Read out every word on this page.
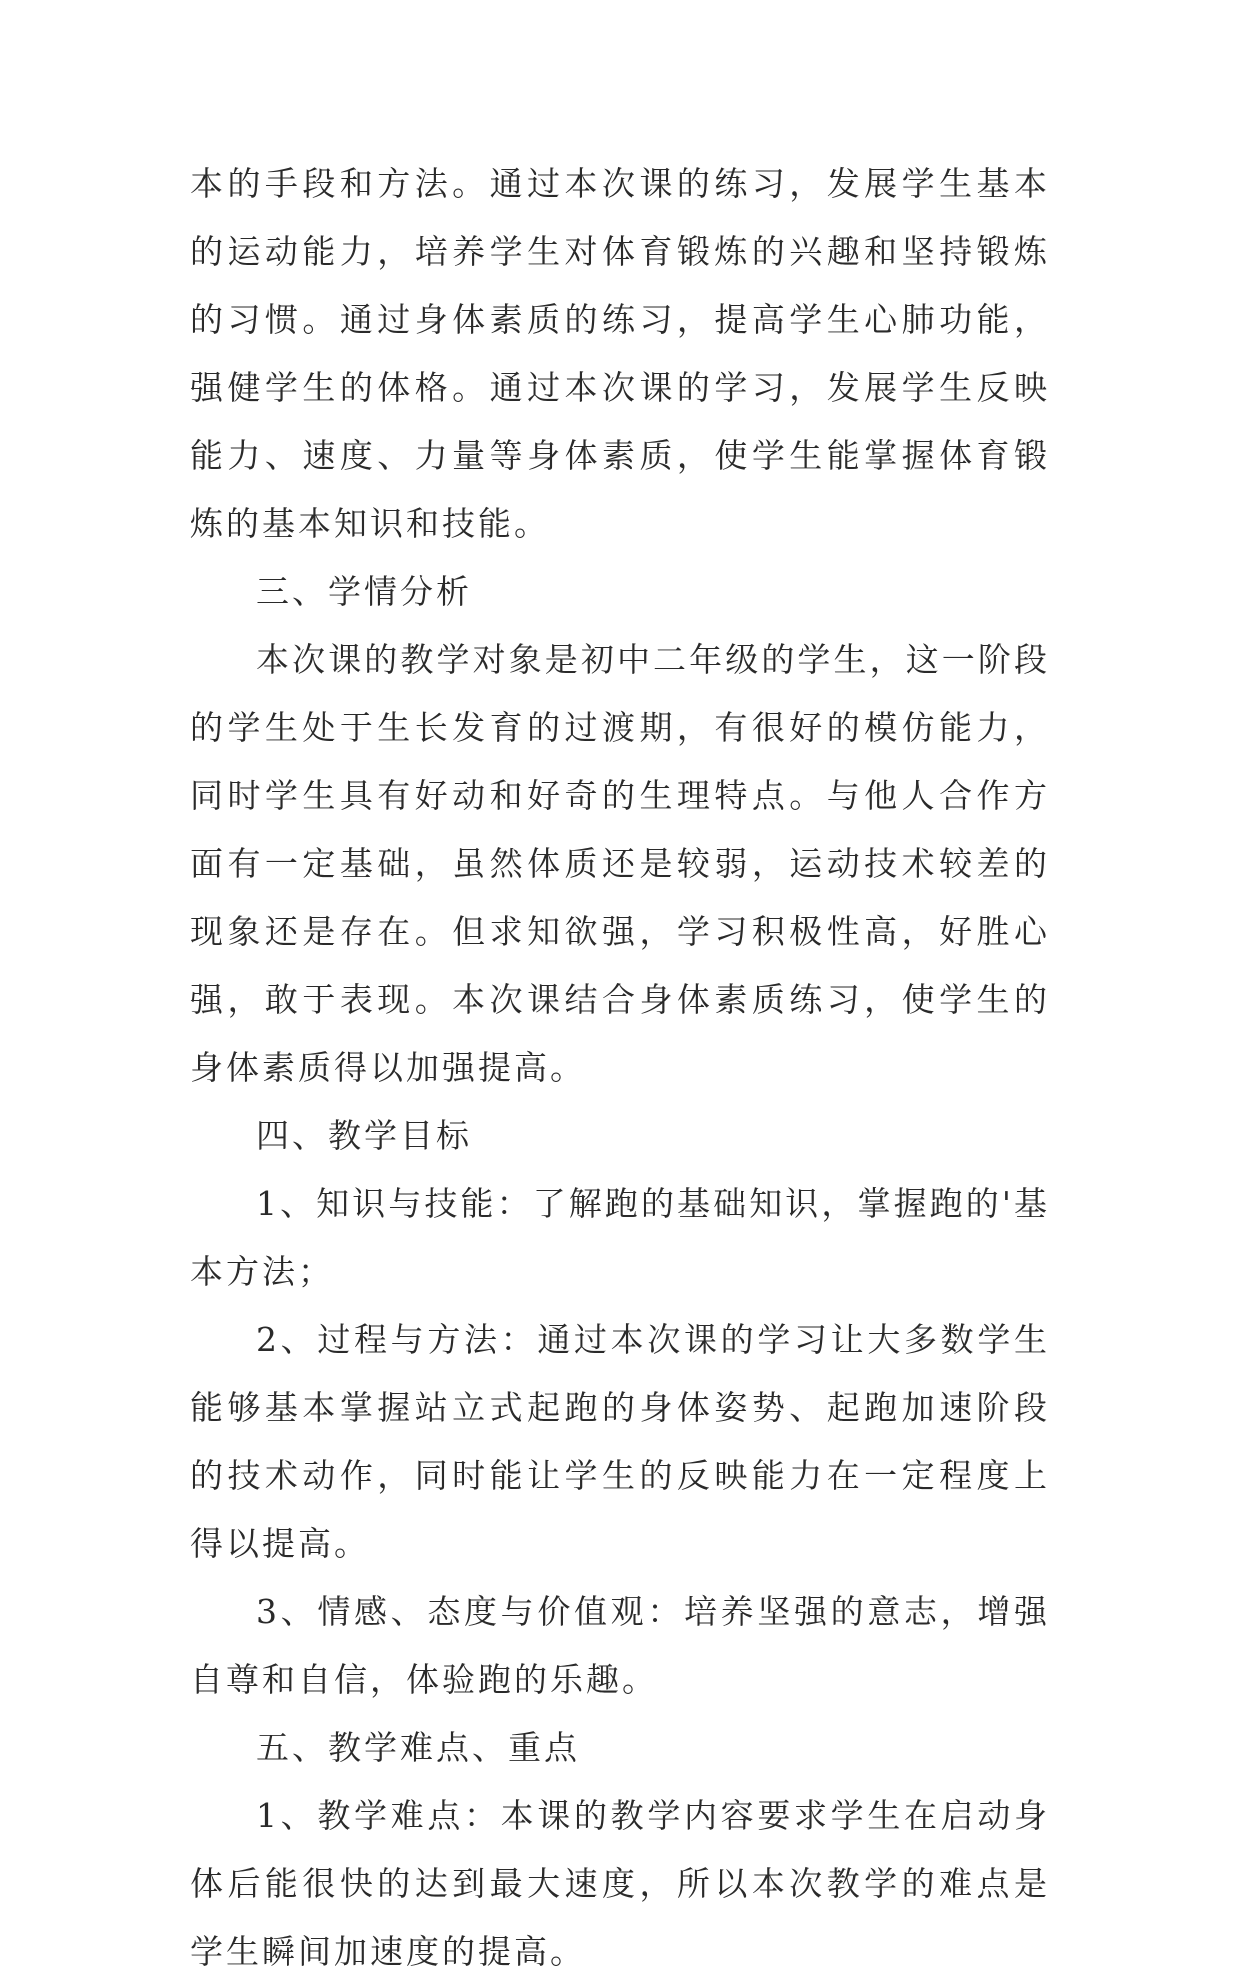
本的手段和方法。通过本次课的练习，发展学生基本的运动能力，培养学生对体育锻炼的兴趣和坚持锻炼的习惯。通过身体素质的练习，提高学生心肺功能，强健学生的体格。通过本次课的学习，发展学生反映能力、速度、力量等身体素质，使学生能掌握体育锻炼的基本知识和技能。

三、学情分析

本次课的教学对象是初中二年级的学生，这一阶段的学生处于生长发育的过渡期，有很好的模仿能力，同时学生具有好动和好奇的生理特点。与他人合作方面有一定基础，虽然体质还是较弱，运动技术较差的现象还是存在。但求知欲强，学习积极性高，好胜心强，敢于表现。本次课结合身体素质练习，使学生的身体素质得以加强提高。

四、教学目标

1、知识与技能：了解跑的基础知识，掌握跑的'基本方法；

2、过程与方法：通过本次课的学习让大多数学生能够基本掌握站立式起跑的身体姿势、起跑加速阶段的技术动作，同时能让学生的反映能力在一定程度上得以提高。

3、情感、态度与价值观：培养坚强的意志，增强自尊和自信，体验跑的乐趣。

五、教学难点、重点

1、教学难点：本课的教学内容要求学生在启动身体后能很快的达到最大速度，所以本次教学的难点是学生瞬间加速度的提高。
